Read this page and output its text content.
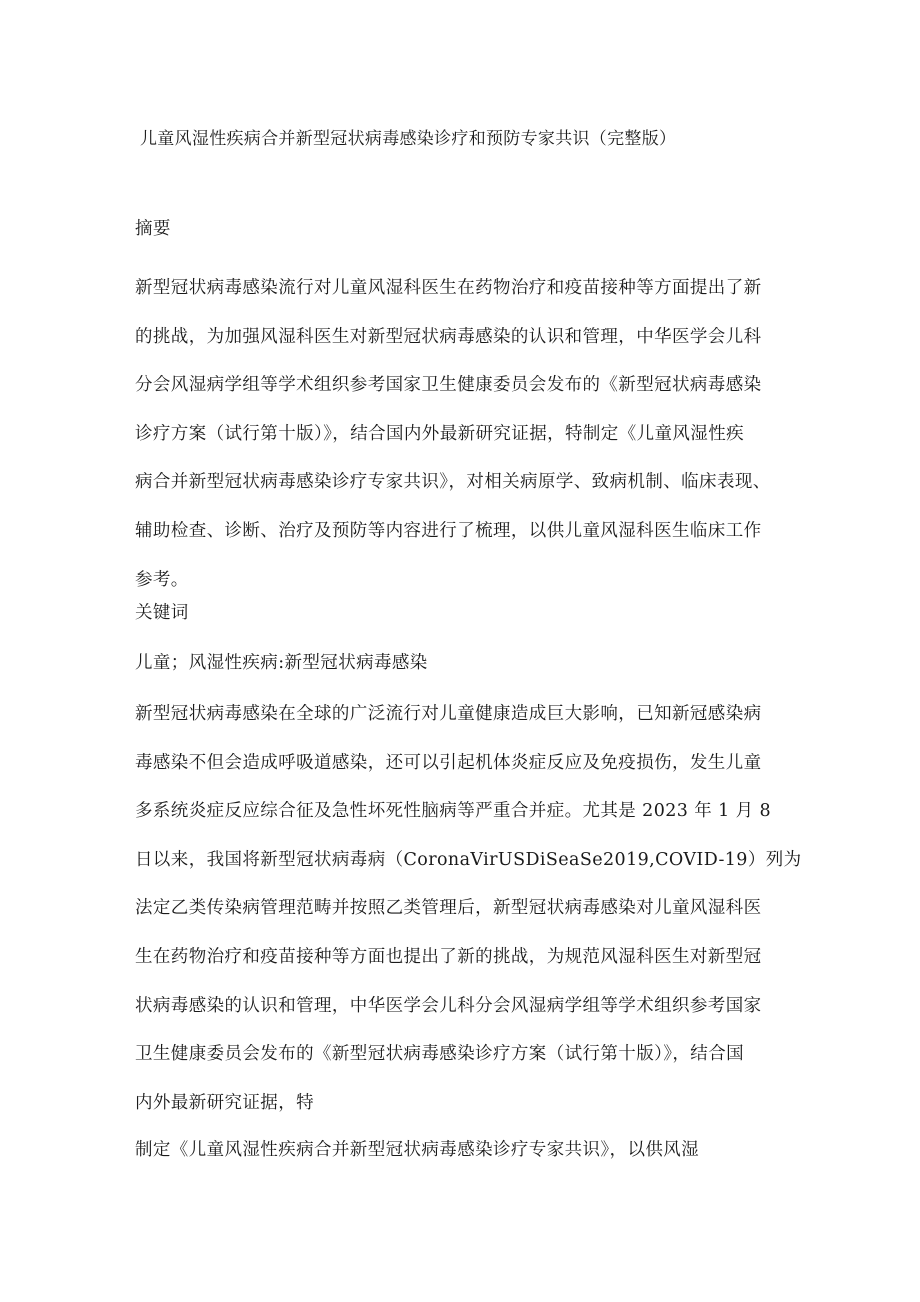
儿童风湿性疾病合并新型冠状病毒感染诊疗和预防专家共识（完整版）
摘要
新型冠状病毒感染流行对儿童风湿科医生在药物治疗和疫苗接种等方面提出了新
的挑战，为加强风湿科医生对新型冠状病毒感染的认识和管理，中华医学会儿科
分会风湿病学组等学术组织参考国家卫生健康委员会发布的《新型冠状病毒感染
诊疗方案（试行第十版）》，结合国内外最新研究证据，特制定《儿童风湿性疾
病合并新型冠状病毒感染诊疗专家共识》，对相关病原学、致病机制、临床表现、
辅助检查、诊断、治疗及预防等内容进行了梳理，以供儿童风湿科医生临床工作
参考。
关键词
儿童；风湿性疾病:新型冠状病毒感染
新型冠状病毒感染在全球的广泛流行对儿童健康造成巨大影响，已知新冠感染病
毒感染不但会造成呼吸道感染，还可以引起机体炎症反应及免疫损伤，发生儿童
多系统炎症反应综合征及急性坏死性脑病等严重合并症。尤其是 2023 年 1 月 8
日以来，我国将新型冠状病毒病（CoronaVirUSDiSeaSe2019,COVID-19）列为
法定乙类传染病管理范畴并按照乙类管理后，新型冠状病毒感染对儿童风湿科医
生在药物治疗和疫苗接种等方面也提出了新的挑战，为规范风湿科医生对新型冠
状病毒感染的认识和管理，中华医学会儿科分会风湿病学组等学术组织参考国家
卫生健康委员会发布的《新型冠状病毒感染诊疗方案（试行第十版）》，结合国
内外最新研究证据，特
制定《儿童风湿性疾病合并新型冠状病毒感染诊疗专家共识》，以供风湿
